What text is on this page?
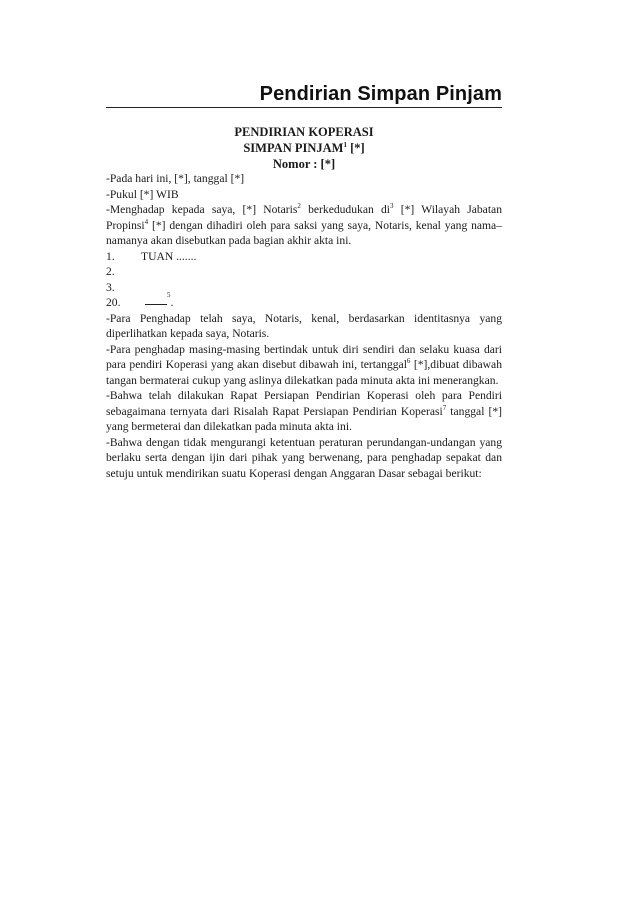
Pendirian Simpan Pinjam
PENDIRIAN KOPERASI
SIMPAN PINJAM$^1$ [*]
Nomor : [*]

-Pada hari ini, [*], tanggal [*]

-Pukul [*] WIB

-Menghadap kepada saya, [*] Notaris$^2$ berkedudukan $di^3$ [*] Wilayah Jabatan Propinsi$^4$ [*] dengan dihadiri oleh para saksi yang saya, Notaris, kenal yang nama–namanya akan disebutkan pada bagian akhir akta ini.

1.	TUAN .......
2.
3.
20.
$_5$
.

-Para Penghadap telah saya, Notaris, kenal, berdasarkan identitasnya yang diperlihatkan kepada saya, Notaris.

-Para penghadap masing-masing bertindak untuk diri sendiri dan selaku kuasa dari para pendiri Koperasi yang akan disebut dibawah ini, tertanggal$^6$ [*],dibuat dibawah tangan bermaterai cukup yang aslinya dilekatkan pada minuta akta ini menerangkan.

-Bahwa telah dilakukan Rapat Persiapan Pendirian Koperasi oleh para Pendiri sebagaimana ternyata dari Risalah Rapat Persiapan Pendirian Koperasi$^7$ tanggal [*] yang bermeterai dan dilekatkan pada minuta akta ini.

-Bahwa dengan tidak mengurangi ketentuan peraturan perundangan-undangan yang berlaku serta dengan ijin dari pihak yang berwenang, para penghadap sepakat dan setuju untuk mendirikan suatu Koperasi dengan Anggaran Dasar sebagai berikut:
